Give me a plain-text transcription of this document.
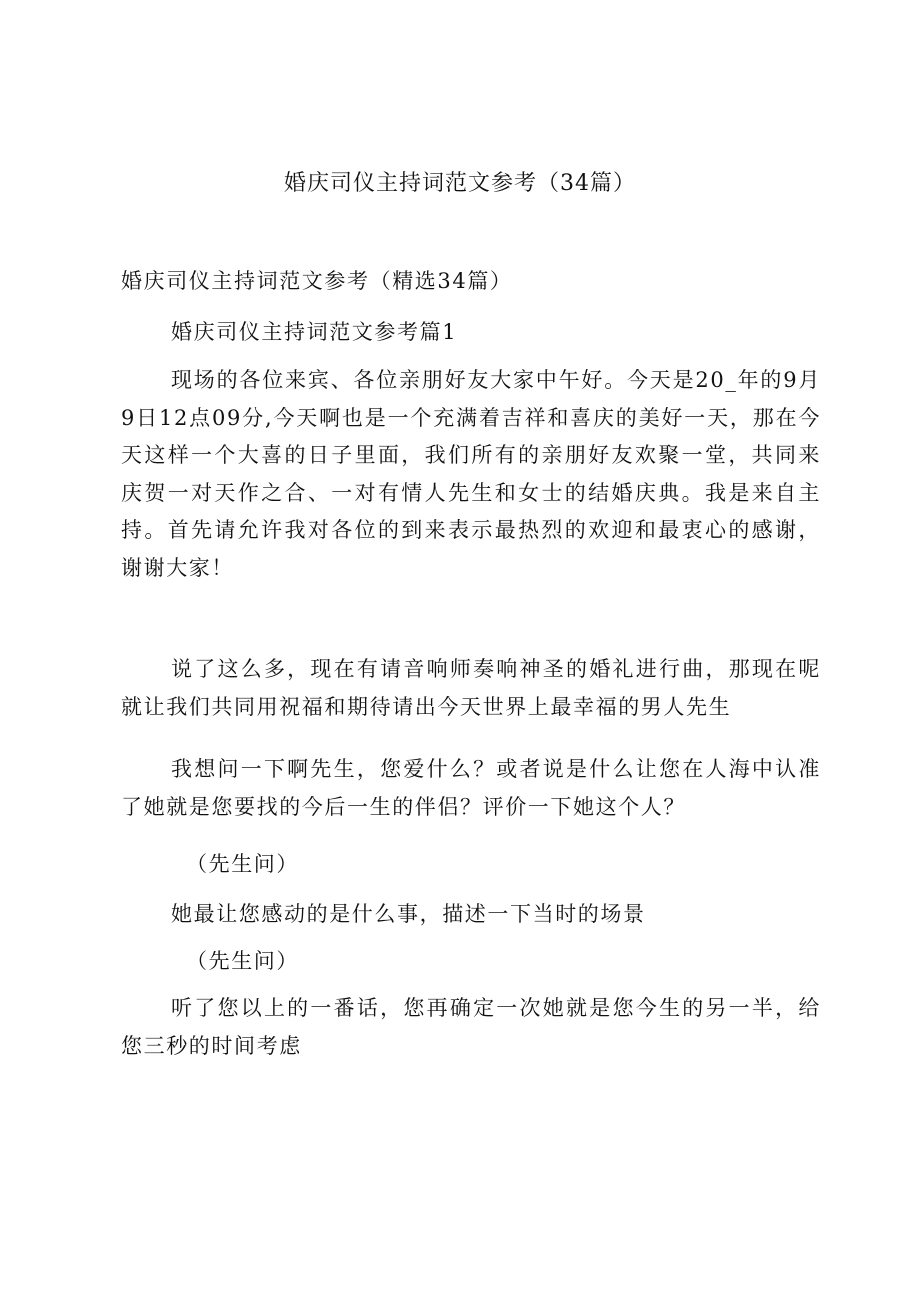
婚庆司仪主持词范文参考（34篇）
婚庆司仪主持词范文参考（精选34篇）
婚庆司仪主持词范文参考篇1
现场的各位来宾、各位亲朋好友大家中午好。今天是20_年的9月9日12点09分,今天啊也是一个充满着吉祥和喜庆的美好一天，那在今天这样一个大喜的日子里面，我们所有的亲朋好友欢聚一堂，共同来庆贺一对天作之合、一对有情人先生和女士的结婚庆典。我是来自主持。首先请允许我对各位的到来表示最热烈的欢迎和最衷心的感谢，谢谢大家！
说了这么多，现在有请音响师奏响神圣的婚礼进行曲，那现在呢就让我们共同用祝福和期待请出今天世界上最幸福的男人先生
我想问一下啊先生，您爱什么？或者说是什么让您在人海中认准了她就是您要找的今后一生的伴侣？评价一下她这个人？
（先生问）
她最让您感动的是什么事，描述一下当时的场景
（先生问）
听了您以上的一番话，您再确定一次她就是您今生的另一半，给您三秒的时间考虑
